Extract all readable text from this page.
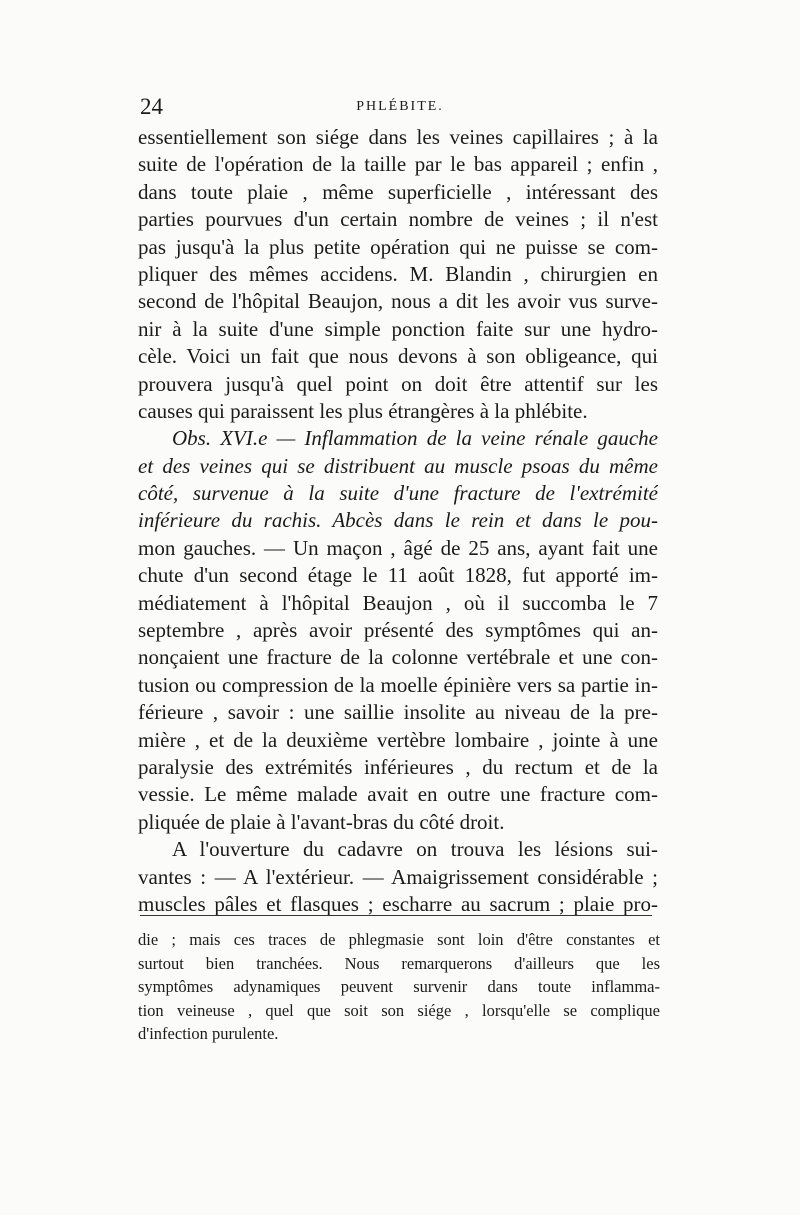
24	PHLÉBITE.
essentiellement son siége dans les veines capillaires ; à la
suite de l'opération de la taille par le bas appareil ; enfin ,
dans toute plaie , même superficielle , intéressant des
parties pourvues d'un certain nombre de veines ; il n'est
pas jusqu'à la plus petite opération qui ne puisse se com-
pliquer des mêmes accidens. M. Blandin , chirurgien en
second de l'hôpital Beaujon, nous a dit les avoir vus surve-
nir à la suite d'une simple ponction faite sur une hydro-
cèle. Voici un fait que nous devons à son obligeance, qui
prouvera jusqu'à quel point on doit être attentif sur les
causes qui paraissent les plus étrangères à la phlébite.
Obs. XVI.e — Inflammation de la veine rénale gauche
et des veines qui se distribuent au muscle psoas du même
côté, survenue à la suite d'une fracture de l'extrémité
inférieure du rachis. Abcès dans le rein et dans le pou-
mon gauches. — Un maçon , âgé de 25 ans, ayant fait une
chute d'un second étage le 11 août 1828, fut apporté im-
médiatement à l'hôpital Beaujon , où il succomba le 7
septembre , après avoir présenté des symptômes qui an-
nonçaient une fracture de la colonne vertébrale et une con-
tusion ou compression de la moelle épinière vers sa partie in-
férieure , savoir : une saillie insolite au niveau de la pre-
mière , et de la deuxième vertèbre lombaire , jointe à une
paralysie des extrémités inférieures , du rectum et de la
vessie. Le même malade avait en outre une fracture com-
pliquée de plaie à l'avant-bras du côté droit.
A l'ouverture du cadavre on trouva les lésions sui-
vantes : — A l'extérieur. — Amaigrissement considérable ;
muscles pâles et flasques ; escharre au sacrum ; plaie pro-
die ; mais ces traces de phlegmasie sont loin d'être constantes et
surtout bien tranchées. Nous remarquerons d'ailleurs que les
symptômes adynamiques peuvent survenir dans toute inflamma-
tion veineuse , quel que soit son siége , lorsqu'elle se complique
d'infection purulente.
